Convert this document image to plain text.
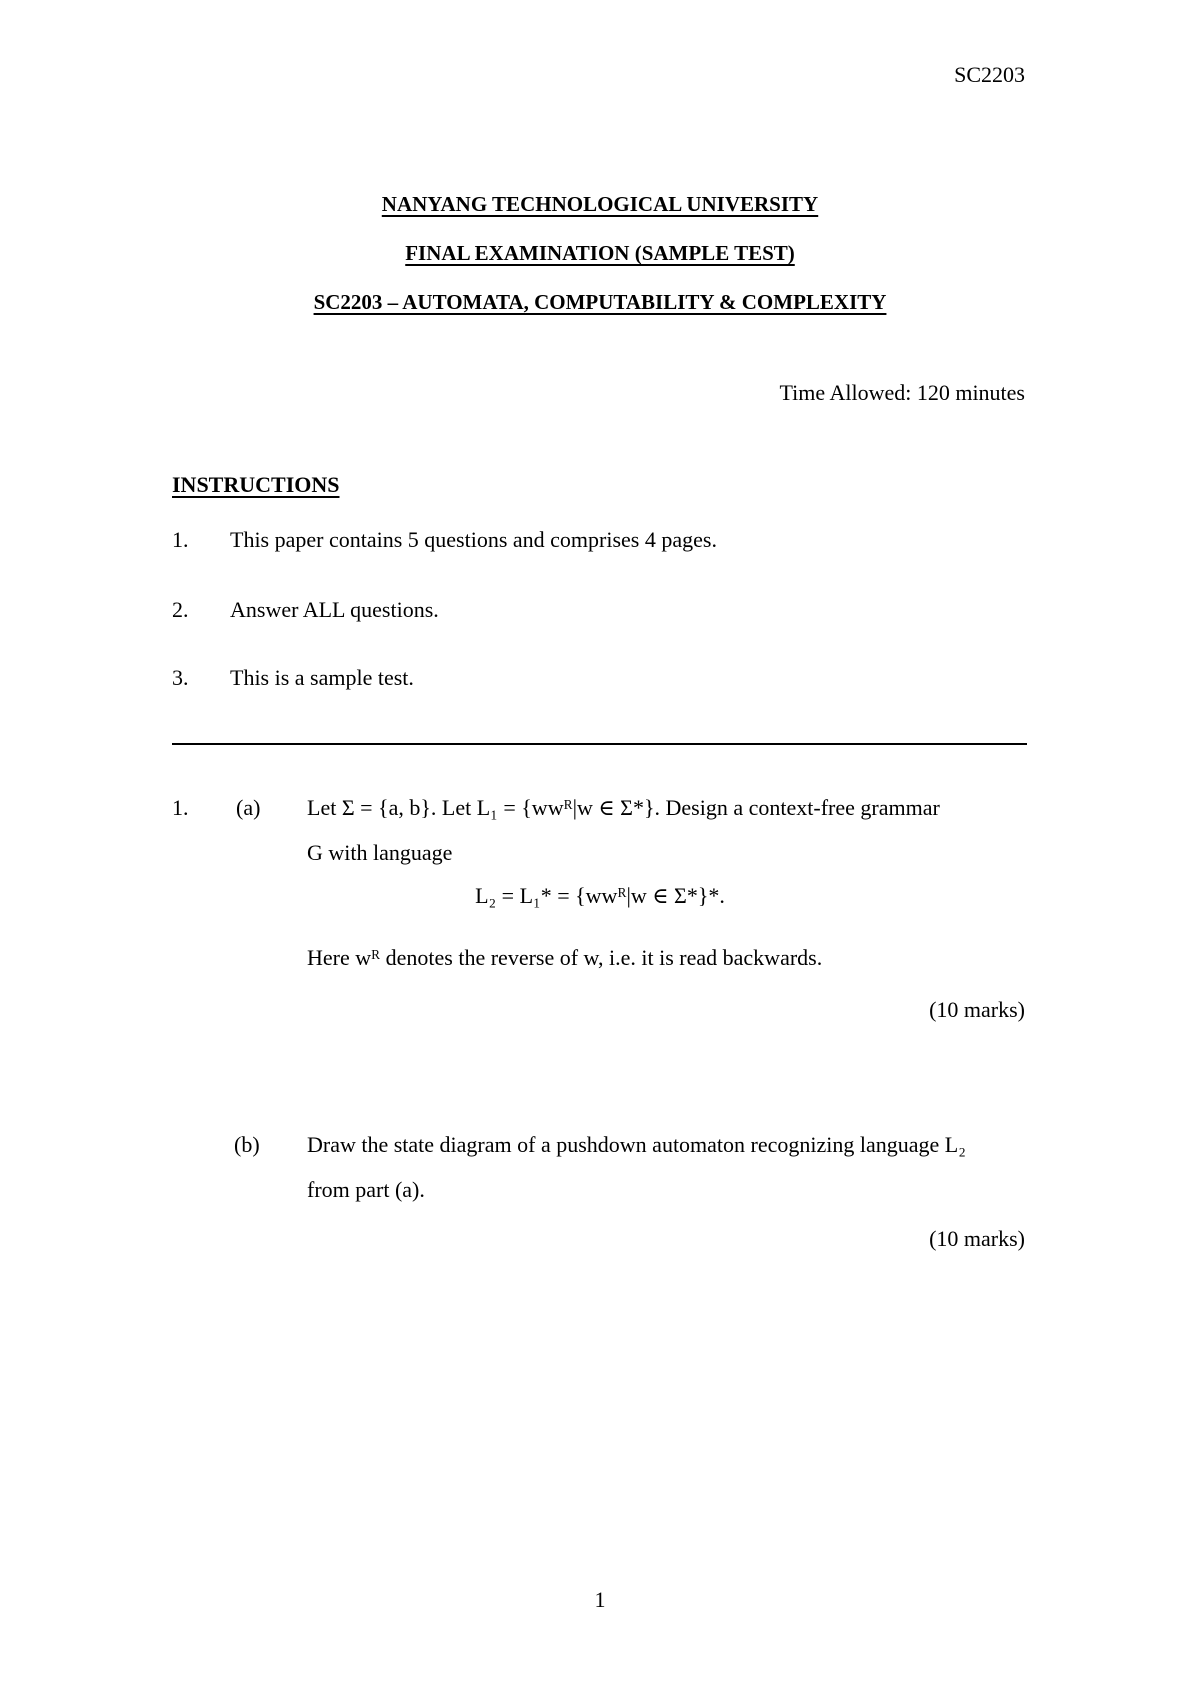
SC2203
NANYANG TECHNOLOGICAL UNIVERSITY
FINAL EXAMINATION (SAMPLE TEST)
SC2203 – AUTOMATA, COMPUTABILITY & COMPLEXITY
Time Allowed: 120 minutes
INSTRUCTIONS
1. This paper contains 5 questions and comprises 4 pages.
2. Answer ALL questions.
3. This is a sample test.
1. (a) Let Σ = {a, b}. Let L₁ = {wwᴿ|w ∈ Σ*}. Design a context-free grammar
G with language
L₂ = L₁* = {wwᴿ|w ∈ Σ*}*.
Here wᴿ denotes the reverse of w, i.e. it is read backwards.
(10 marks)
(b) Draw the state diagram of a pushdown automaton recognizing language L₂
from part (a).
(10 marks)
1
